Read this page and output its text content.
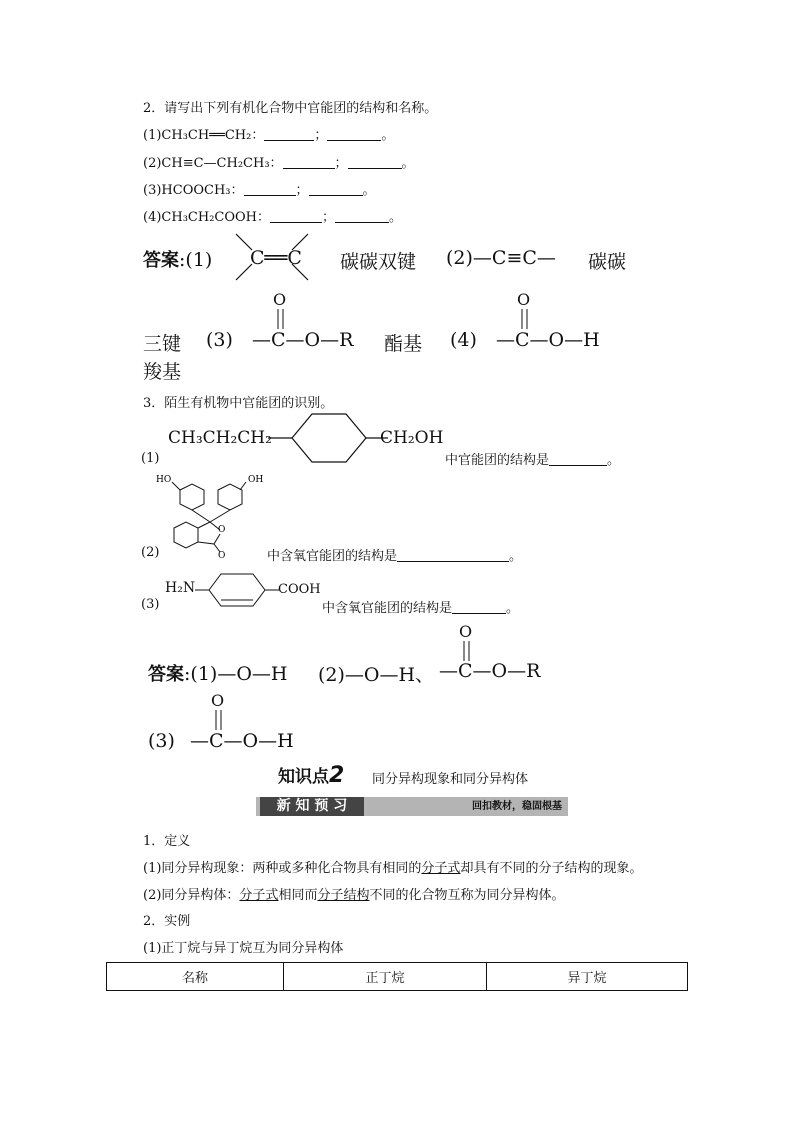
2．请写出下列有机化合物中官能团的结构和名称。
(1)CH₃CH══CH₂：	；	。
(2)CH≡C—CH₂CH₃：	；	。
(3)HCOOCH₃：	；	。
(4)CH₃CH₂COOH：	；	。
答案:(1) C══C 碳碳双键 (2)—C≡C— 碳碳
三键 (3)
O
—C—O—R 酯基 (4)
O
—C—O—H
羧基
3．陌生有机物中官能团的识别。
(1)
CH₃CH₂CH₂	CH₂OH
中官能团的结构是	。
HO	OH
O
O
(2)	中含氧官能团的结构是	。
(3)
H₂N	COOH
中含氧官能团的结构是	。
答案:(1)—O—H (2)—O—H、
O
—C—O—R
(3)
O
—C—O—H
知识点2 同分异构现象和同分异构体
新 知 预 习	回扣教材，稳固根基
1．定义
(1)同分异构现象：两种或多种化合物具有相同的分子式却具有不同的分子结构的现象。
(2)同分异构体：分子式相同而分子结构不同的化合物互称为同分异构体。
2．实例
(1)正丁烷与异丁烷互为同分异构体
名称	正丁烷	异丁烷
